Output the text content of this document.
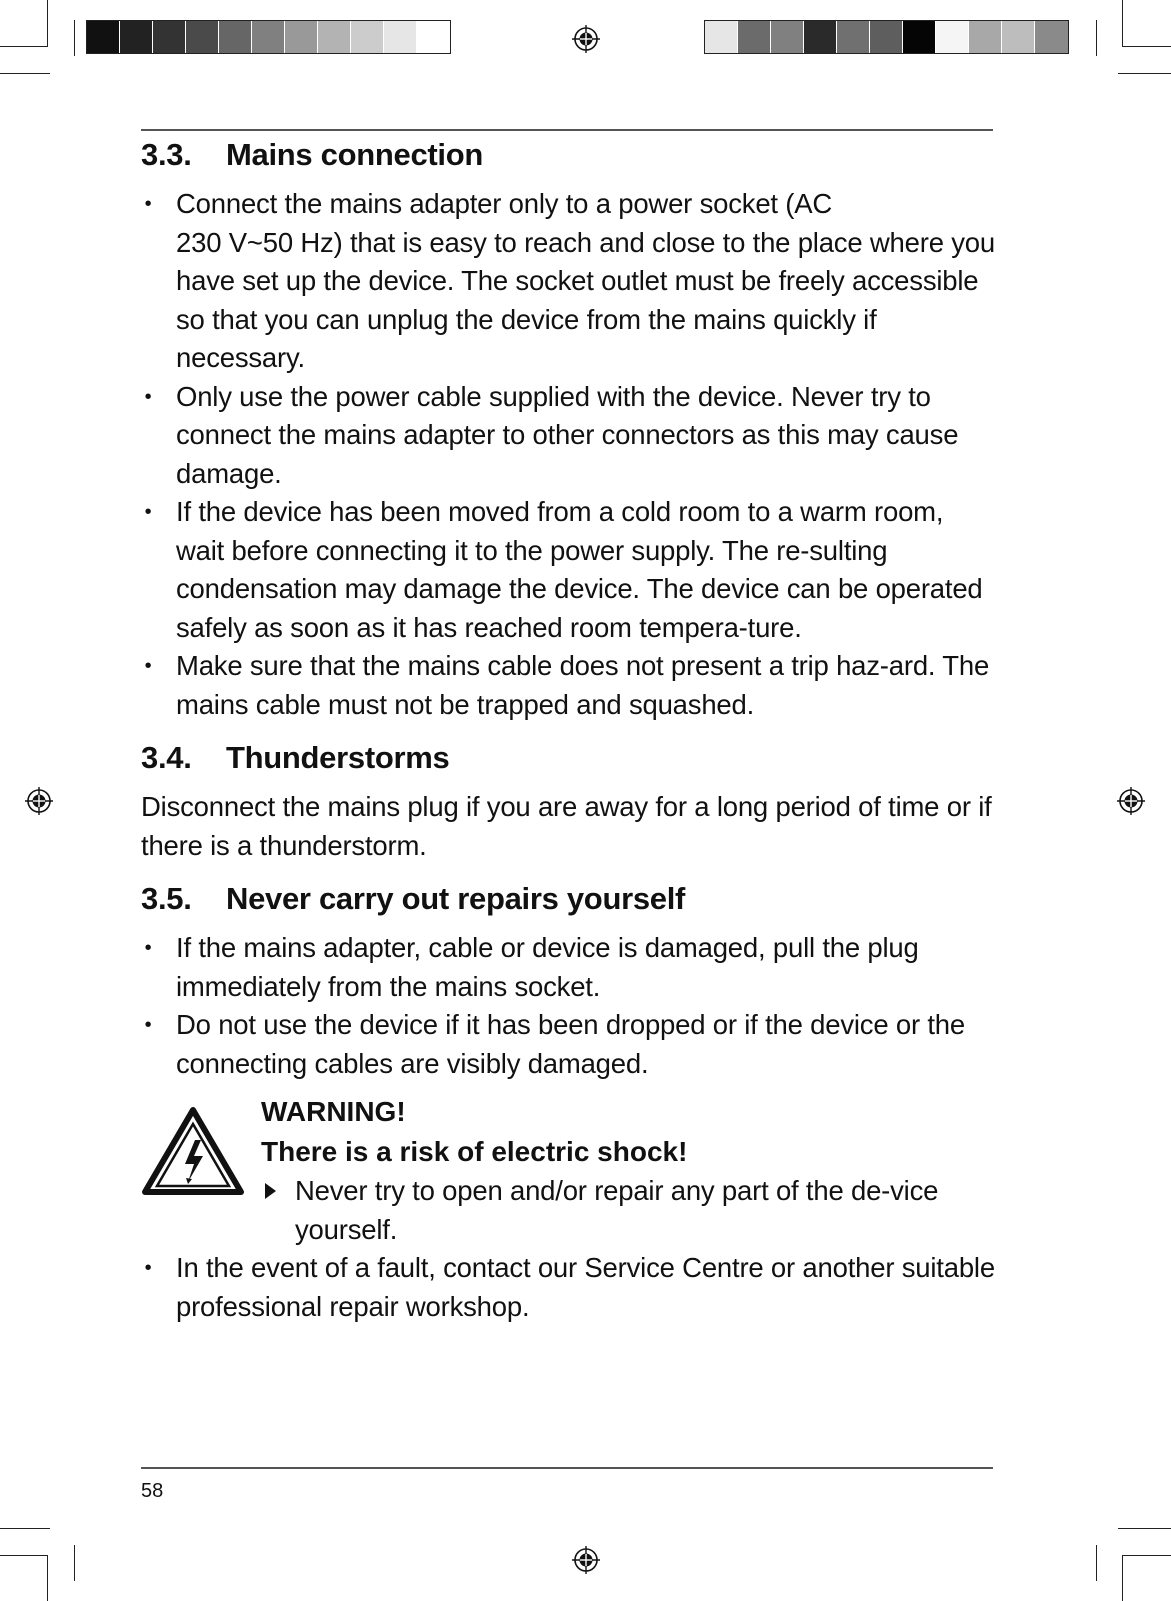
3.3.	Mains connection
• Connect the mains adapter only to a power socket (AC
230 V~50 Hz) that is easy to reach and close to the place where you have set up the device. The socket outlet must be freely accessible so that you can unplug the device from the mains quickly if necessary.
• Only use the power cable supplied with the device. Never try to connect the mains adapter to other connectors as this may cause damage.
• If the device has been moved from a cold room to a warm room, wait before connecting it to the power supply. The re-sulting condensation may damage the device. The device can be operated safely as soon as it has reached room tempera-ture.
• Make sure that the mains cable does not present a trip haz-ard. The mains cable must not be trapped and squashed.
3.4.	Thunderstorms

Disconnect the mains plug if you are away for a long period of time or if there is a thunderstorm.

3.5.	Never carry out repairs yourself
• If the mains adapter, cable or device is damaged, pull the plug immediately from the mains socket.
• Do not use the device if it has been dropped or if the device or the connecting cables are visibly damaged.
WARNING!
There is a risk of electric shock!
Never try to open and/or repair any part of the de-vice yourself.
• In the event of a fault, contact our Service Centre or another suitable professional repair workshop.
58
